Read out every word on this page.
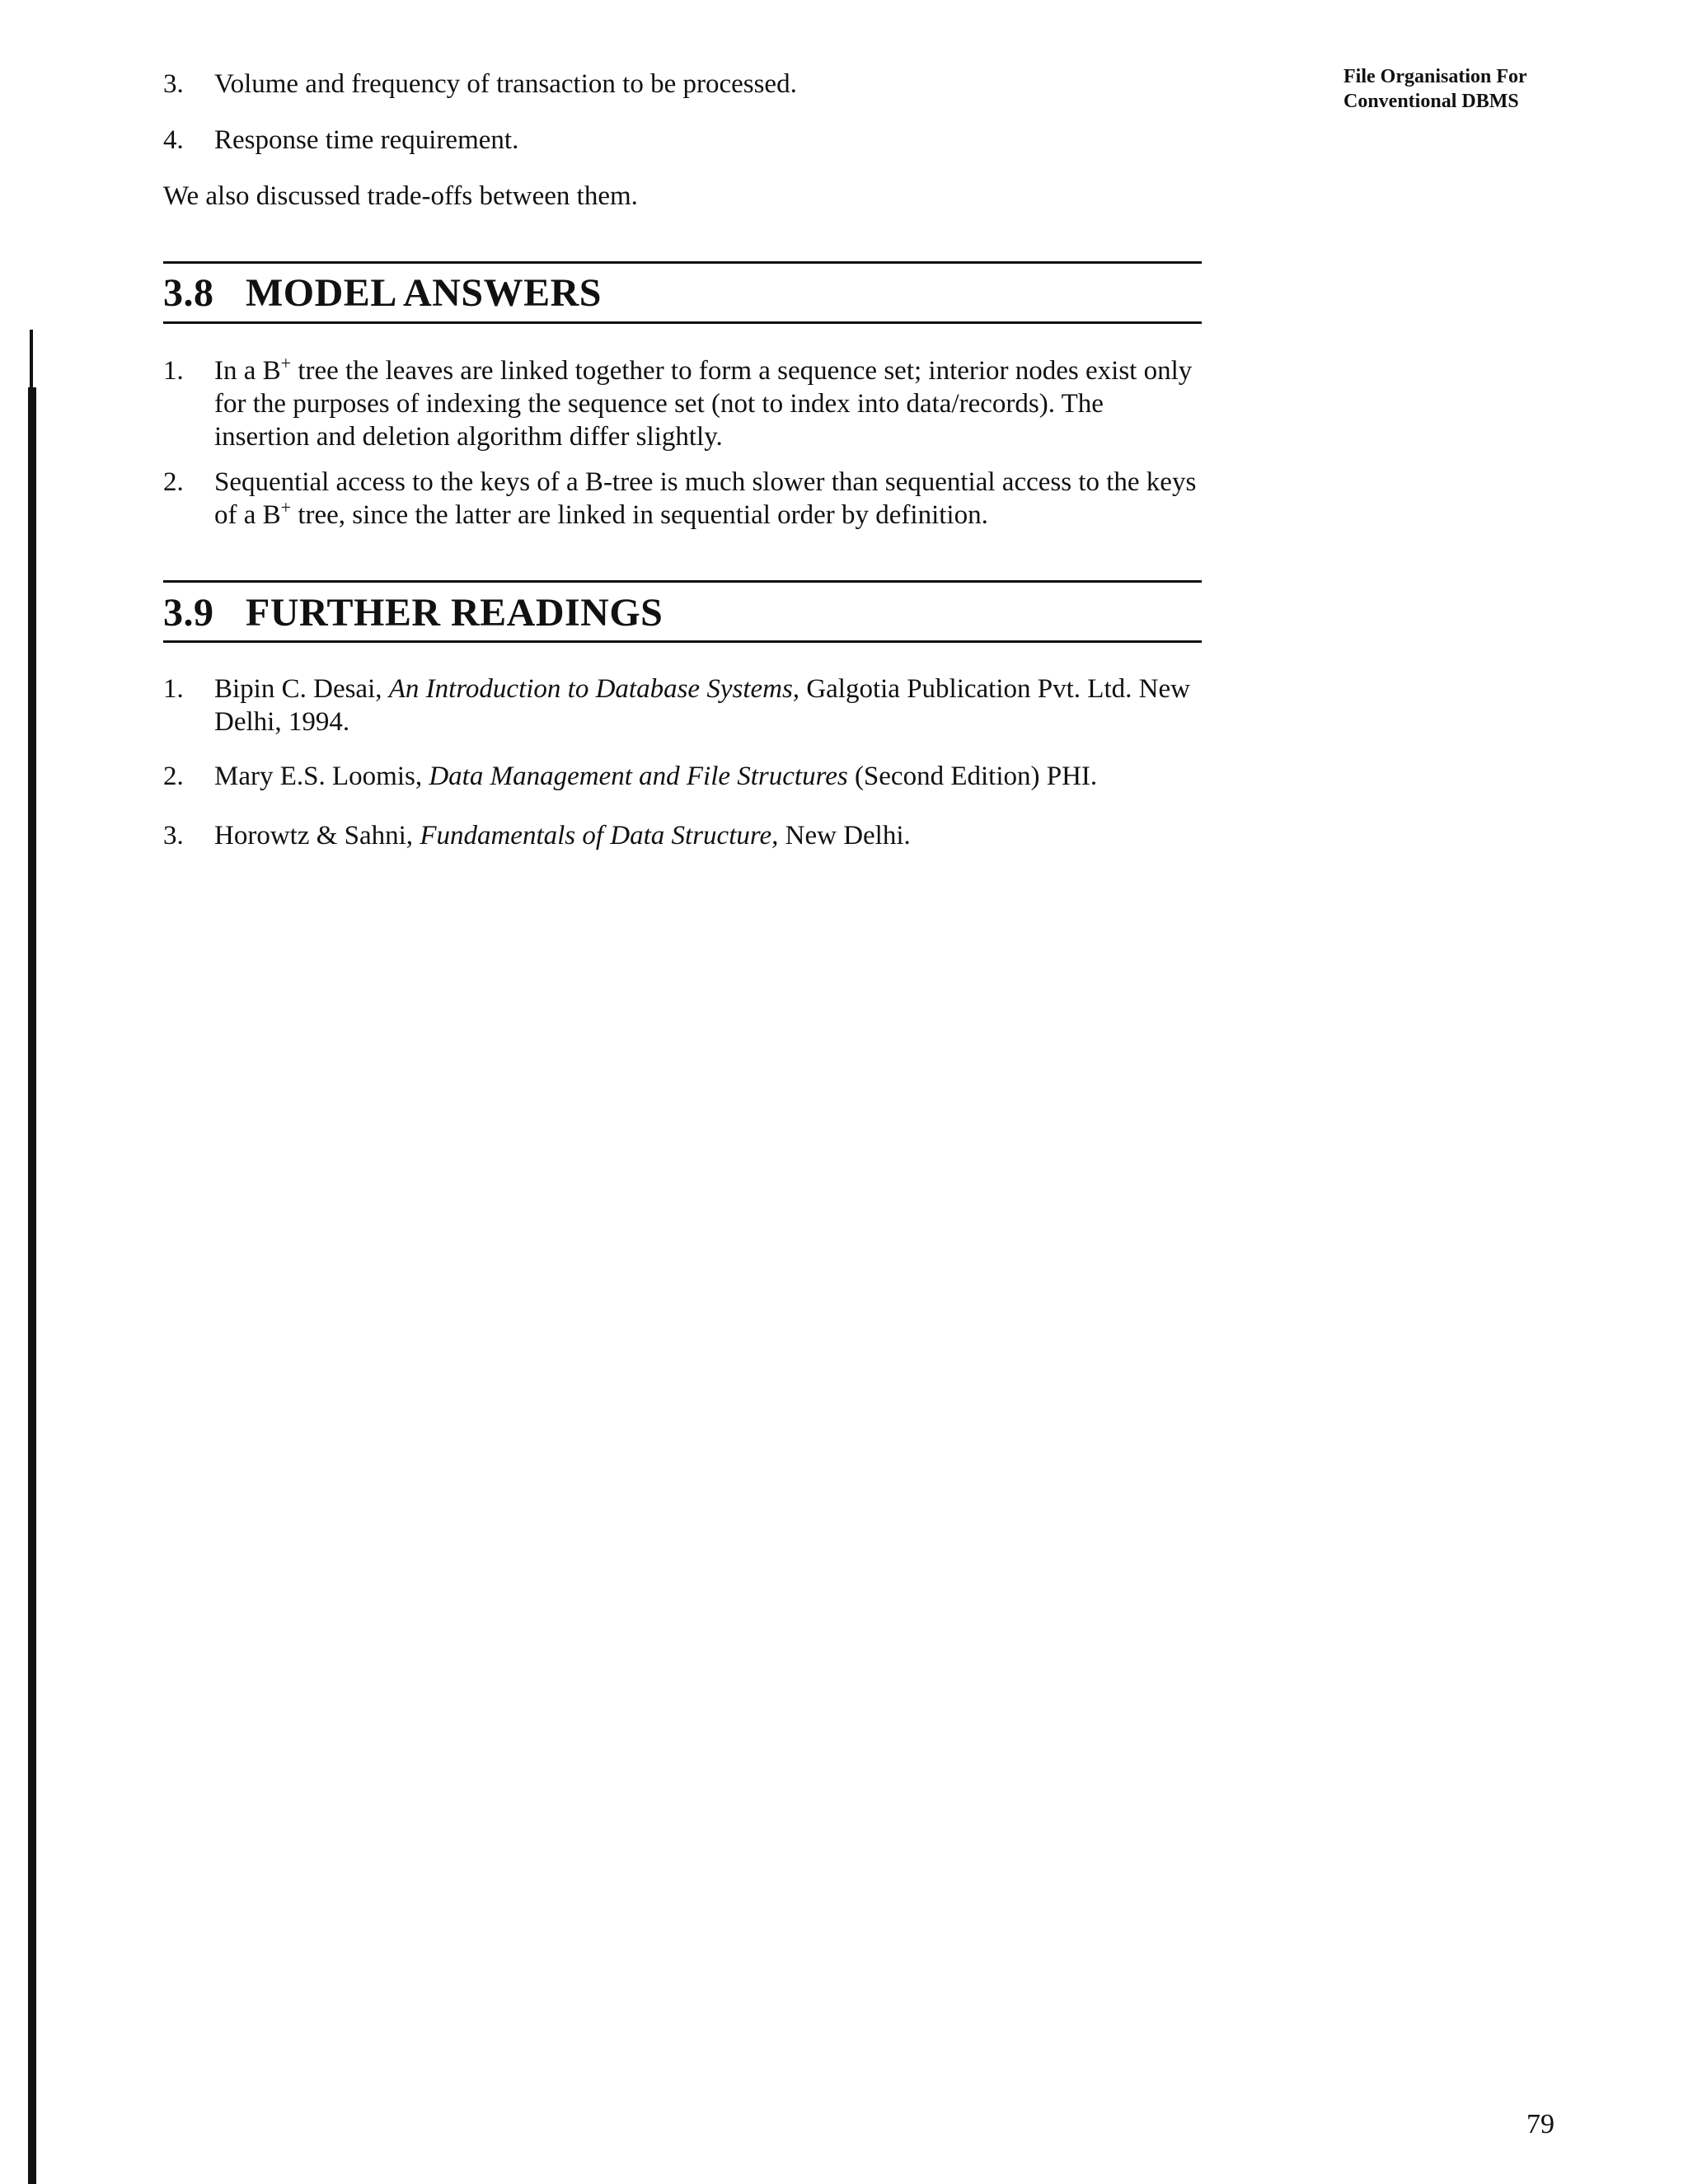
File Organisation For
Conventional DBMS
3.	Volume and frequency of transaction to be processed.
4.	Response time requirement.
We also discussed trade-offs between them.
3.8 MODEL ANSWERS
1.	In a B+ tree the leaves are linked together to form a sequence set; interior nodes exist only for the purposes of indexing the sequence set (not to index into data/records). The insertion and deletion algorithm differ slightly.
2.	Sequential access to the keys of a B-tree is much slower than sequential access to the keys of a B+ tree, since the latter are linked in sequential order by definition.
3.9 FURTHER READINGS
1.	Bipin C. Desai, An Introduction to Database Systems, Galgotia Publication Pvt. Ltd. New Delhi, 1994.
2.	Mary E.S. Loomis, Data Management and File Structures (Second Edition) PHI.
3.	Horowtz & Sahni, Fundamentals of Data Structure, New Delhi.
79
